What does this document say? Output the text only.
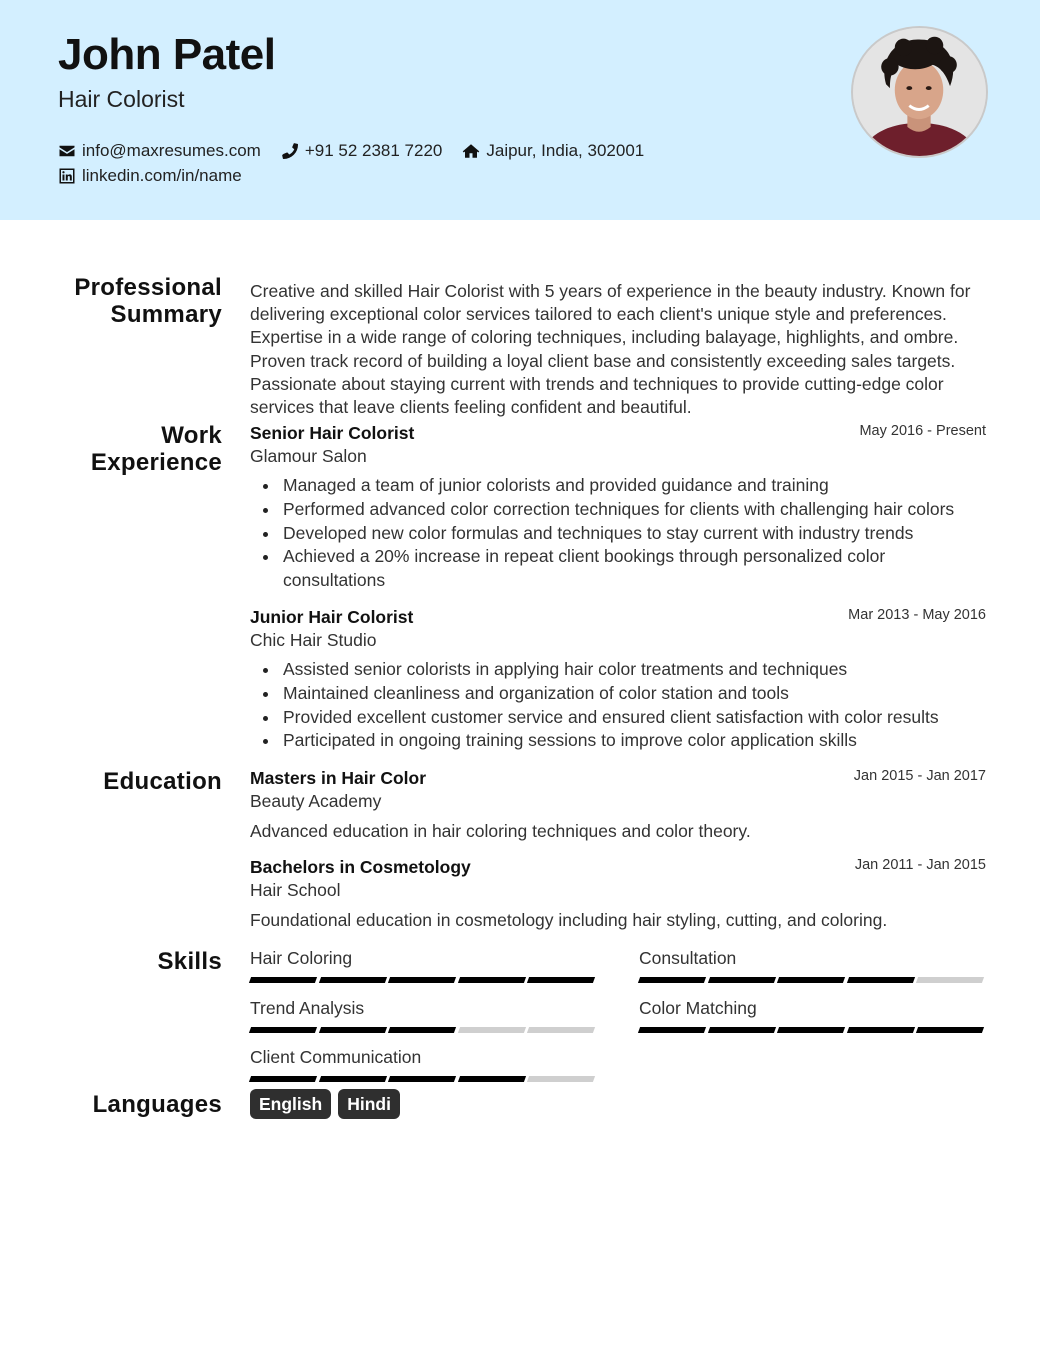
John Patel
Hair Colorist
info@maxresumes.com	+91 52 2381 7220	Jaipur, India, 302001
linkedin.com/in/name
Professional
Summary

Creative and skilled Hair Colorist with 5 years of experience in the beauty industry. Known for delivering exceptional color services tailored to each client's unique style and preferences. Expertise in a wide range of coloring techniques, including balayage, highlights, and ombre. Proven track record of building a loyal client base and consistently exceeding sales targets. Passionate about staying current with trends and techniques to provide cutting-edge color services that leave clients feeling confident and beautiful.

Work
Experience
Senior Hair Colorist	May 2016 - Present
Glamour Salon
Managed a team of junior colorists and provided guidance and training
Performed advanced color correction techniques for clients with challenging hair colors
Developed new color formulas and techniques to stay current with industry trends
Achieved a 20% increase in repeat client bookings through personalized color consultations
Junior Hair Colorist	Mar 2013 - May 2016
Chic Hair Studio
Assisted senior colorists in applying hair color treatments and techniques
Maintained cleanliness and organization of color station and tools
Provided excellent customer service and ensured client satisfaction with color results
Participated in ongoing training sessions to improve color application skills
Education Masters in Hair Color	Jan 2015 - Jan 2017
Beauty Academy

Advanced education in hair coloring techniques and color theory.

Bachelors in Cosmetology	Jan 2011 - Jan 2015
Hair School

Foundational education in cosmetology including hair styling, cutting, and coloring.

Skills Hair Coloring	Consultation
Trend Analysis	Color Matching
Client Communication
Languages	English	Hindi
